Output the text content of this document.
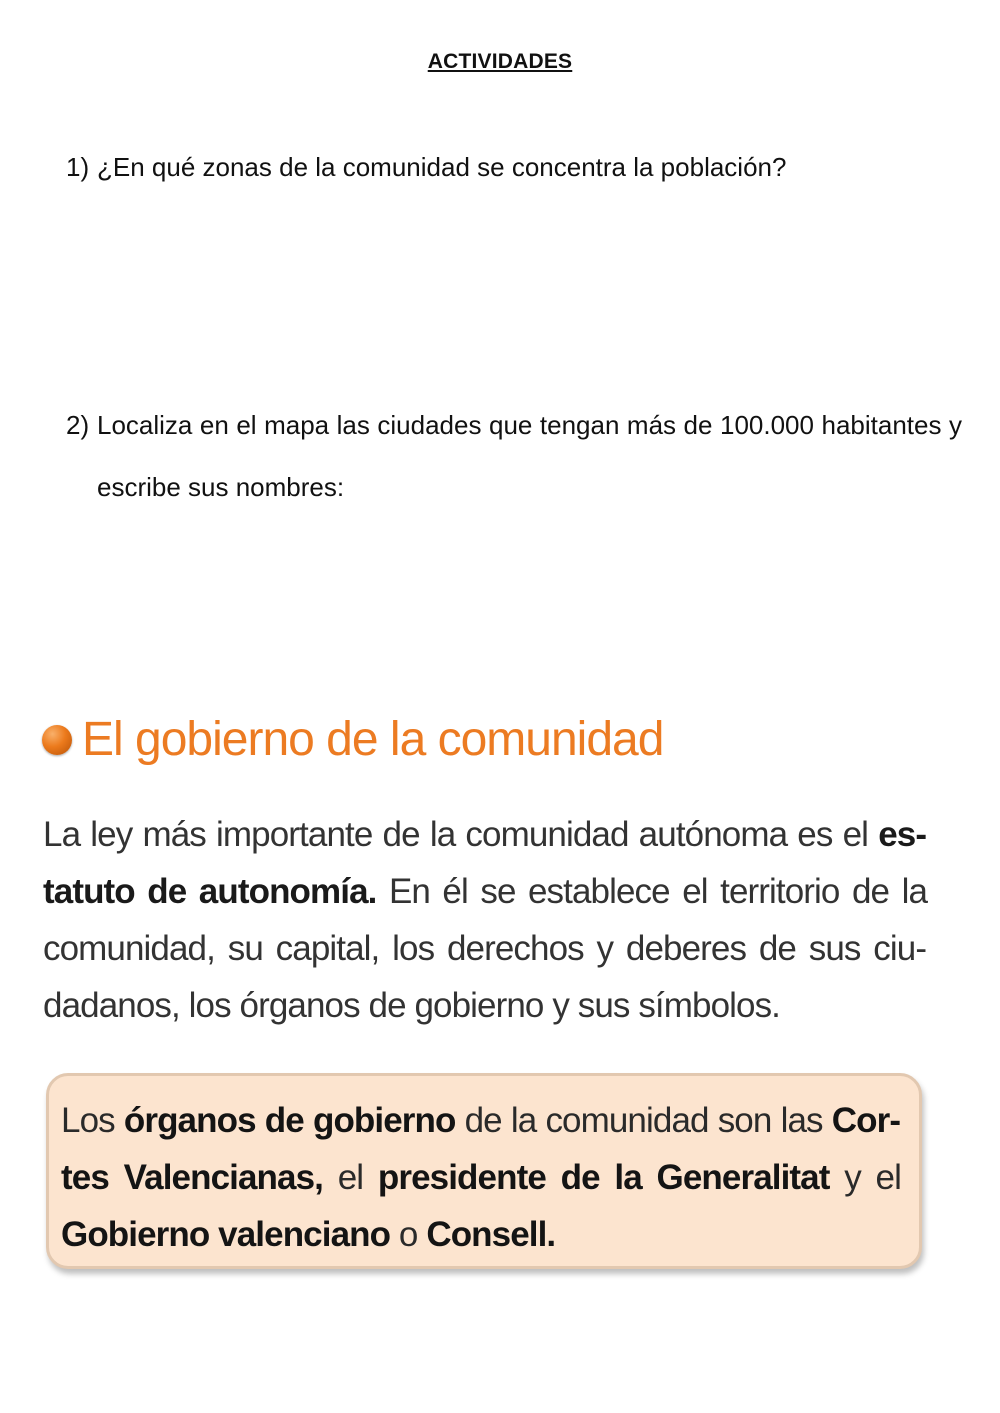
ACTIVIDADES
1) ¿En qué zonas de la comunidad se concentra la población?
2) Localiza en el mapa las ciudades que tengan más de 100.000 habitantes y escribe sus nombres:
El gobierno de la comunidad
La ley más importante de la comunidad autónoma es el estatuto de autonomía. En él se establece el territorio de la comunidad, su capital, los derechos y deberes de sus ciudadanos, los órganos de gobierno y sus símbolos.
Los órganos de gobierno de la comunidad son las Cortes Valencianas, el presidente de la Generalitat y el Gobierno valenciano o Consell.
